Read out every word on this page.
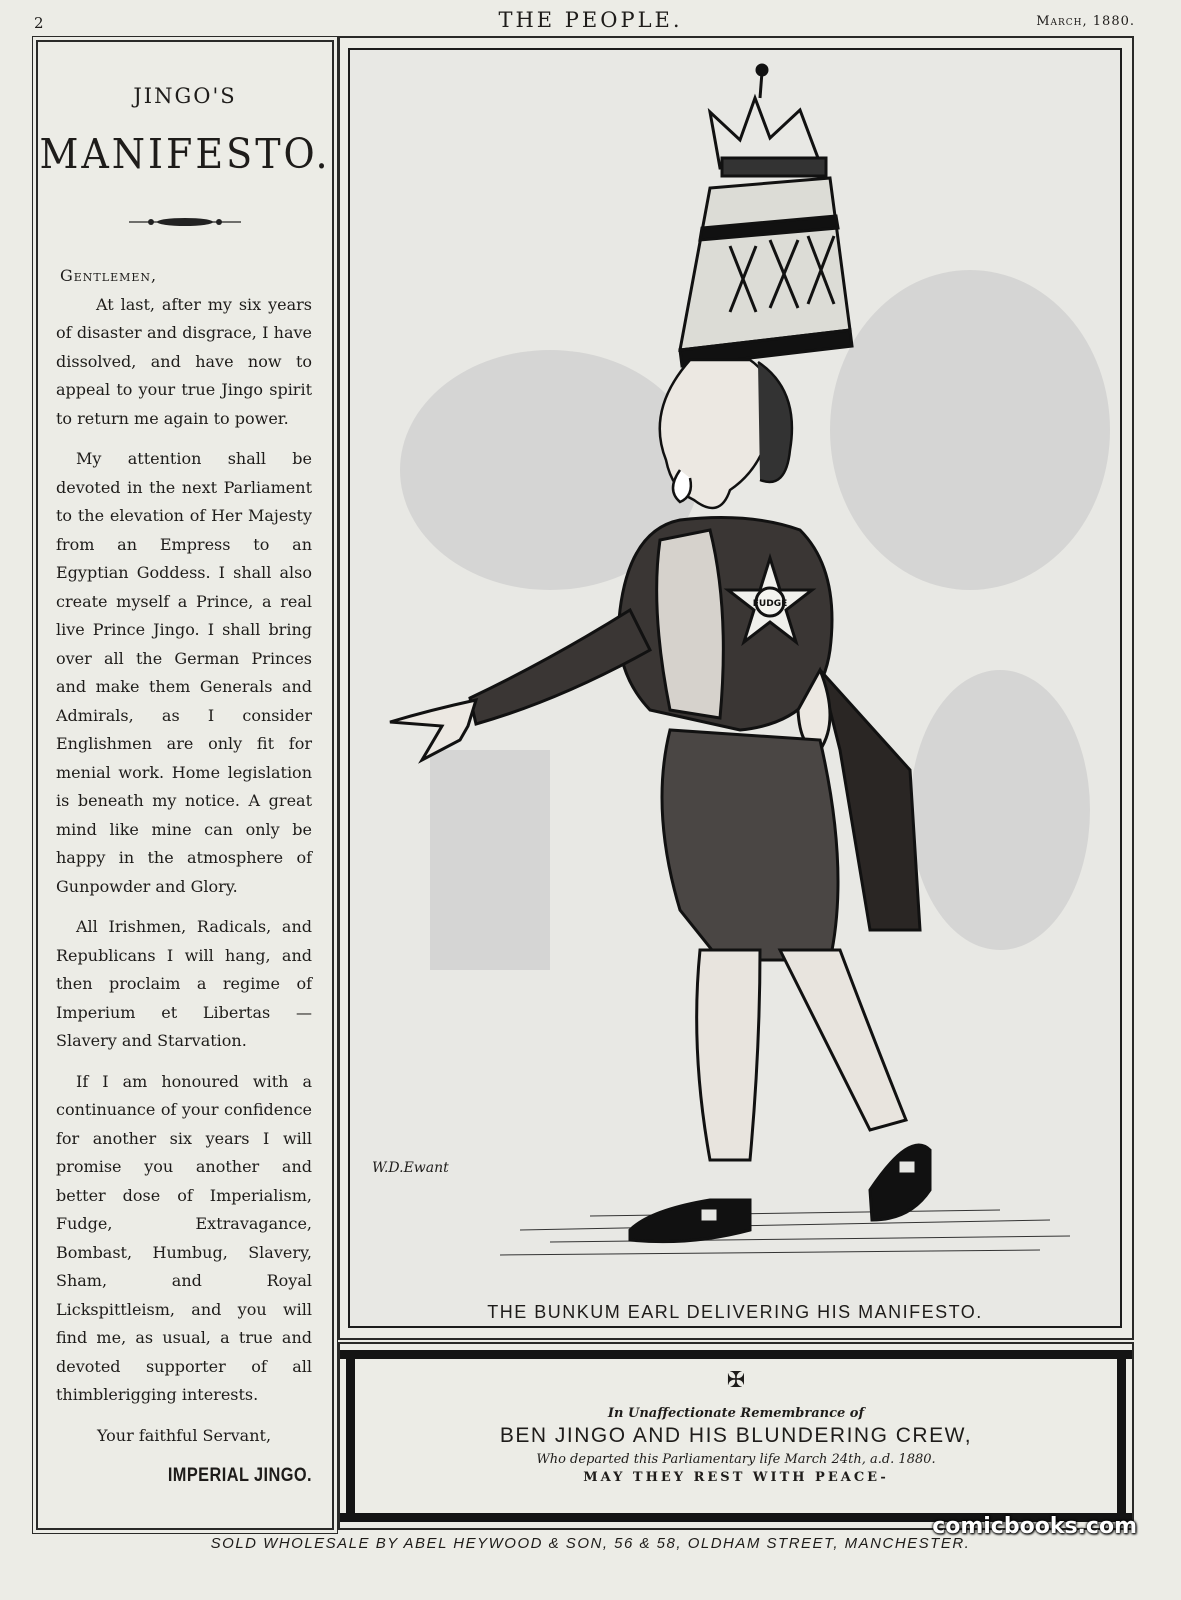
2	THE PEOPLE.	March, 1880.
JINGO'S
MANIFESTO.

Gentlemen,

At last, after my six years of disaster and disgrace, I have dissolved, and have now to appeal to your true Jingo spirit to return me again to power.

My attention shall be devoted in the next Parliament to the elevation of Her Majesty from an Empress to an Egyptian Goddess. I shall also create myself a Prince, a real live Prince Jingo. I shall bring over all the German Princes and make them Generals and Admirals, as I consider Englishmen are only fit for menial work. Home legislation is beneath my notice. A great mind like mine can only be happy in the atmosphere of Gunpowder and Glory.

All Irishmen, Radicals, and Republicans I will hang, and then proclaim a regime of Imperium et Libertas — Slavery and Starvation.

If I am honoured with a continuance of your confidence for another six years I will promise you another and better dose of Imperialism, Fudge, Extravagance, Bombast, Humbug, Slavery, Sham, and Royal Lickspittleism, and you will find me, as usual, a true and devoted supporter of all thimblerigging interests.

Your faithful Servant,

IMPERIAL JINGO.

FUDGE
W.D.Ewant
THE BUNKUM EARL DELIVERING HIS MANIFESTO.
✠
In Unaffectionate Remembrance of
BEN JINGO AND HIS BLUNDERING CREW,
Who departed this Parliamentary life March 24th, a.d. 1880.
MAY THEY REST WITH PEACE-
SOLD WHOLESALE BY ABEL HEYWOOD & SON, 56 & 58, OLDHAM STREET, MANCHESTER.
comicbooks.com
